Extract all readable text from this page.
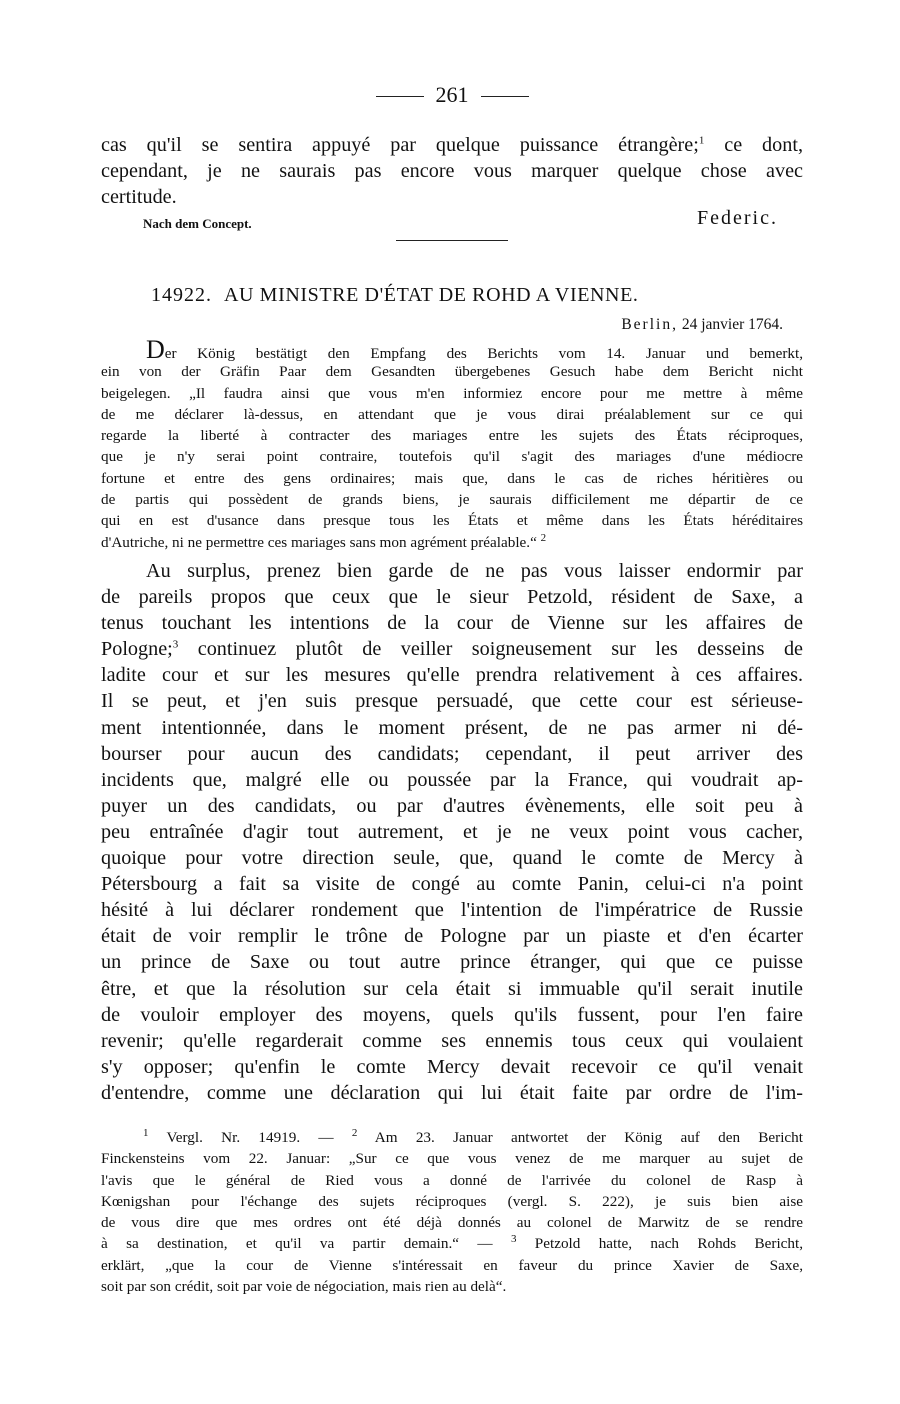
261
cas qu'il se sentira appuyé par quelque puissance étrangère;$^1$ ce dont,
cependant, je ne saurais pas encore vous marquer quelque chose avec
certitude.
Nach dem Concept.	Federic.
14922. AU MINISTRE D'ÉTAT DE ROHD A VIENNE.
Berlin, 24 janvier 1764.
Der König bestätigt den Empfang des Berichts vom 14. Januar und bemerkt,
ein von der Gräfin Paar dem Gesandten übergebenes Gesuch habe dem Bericht nicht
beigelegen. „Il faudra ainsi que vous m'en informiez encore pour me mettre à même
de me déclarer là-dessus, en attendant que je vous dirai préalablement sur ce qui
regarde la liberté à contracter des mariages entre les sujets des États réciproques,
que je n'y serai point contraire, toutefois qu'il s'agit des mariages d'une médiocre
fortune et entre des gens ordinaires; mais que, dans le cas de riches héritières ou
de partis qui possèdent de grands biens, je saurais difficilement me départir de ce
qui en est d'usance dans presque tous les États et même dans les États héréditaires
d'Autriche, ni ne permettre ces mariages sans mon agrément préalable.“ $^2$
Au surplus, prenez bien garde de ne pas vous laisser endormir par
de pareils propos que ceux que le sieur Petzold, résident de Saxe, a
tenus touchant les intentions de la cour de Vienne sur les affaires de
Pologne;$^3$ continuez plutôt de veiller soigneusement sur les desseins de
ladite cour et sur les mesures qu'elle prendra relativement à ces affaires.
Il se peut, et j'en suis presque persuadé, que cette cour est sérieuse-
ment intentionnée, dans le moment présent, de ne pas armer ni dé-
bourser pour aucun des candidats; cependant, il peut arriver des
incidents que, malgré elle ou poussée par la France, qui voudrait ap-
puyer un des candidats, ou par d'autres évènements, elle soit peu à
peu entraînée d'agir tout autrement, et je ne veux point vous cacher,
quoique pour votre direction seule, que, quand le comte de Mercy à
Pétersbourg a fait sa visite de congé au comte Panin, celui-ci n'a point
hésité à lui déclarer rondement que l'intention de l'impératrice de Russie
était de voir remplir le trône de Pologne par un piaste et d'en écarter
un prince de Saxe ou tout autre prince étranger, qui que ce puisse
être, et que la résolution sur cela était si immuable qu'il serait inutile
de vouloir employer des moyens, quels qu'ils fussent, pour l'en faire
revenir; qu'elle regarderait comme ses ennemis tous ceux qui voulaient
s'y opposer; qu'enfin le comte Mercy devait recevoir ce qu'il venait
d'entendre, comme une déclaration qui lui était faite par ordre de l'im-
$^1$ Vergl. Nr. 14919. — $^2$ Am 23. Januar antwortet der König auf den Bericht
Finckensteins vom 22. Januar: „Sur ce que vous venez de me marquer au sujet de
l'avis que le général de Ried vous a donné de l'arrivée du colonel de Rasp à
Kœnigshan pour l'échange des sujets réciproques (vergl. S. 222), je suis bien aise
de vous dire que mes ordres ont été déjà donnés au colonel de Marwitz de se rendre
à sa destination, et qu'il va partir demain.“ — $^3$ Petzold hatte, nach Rohds Bericht,
erklärt, „que la cour de Vienne s'intéressait en faveur du prince Xavier de Saxe,
soit par son crédit, soit par voie de négociation, mais rien au delà“.
